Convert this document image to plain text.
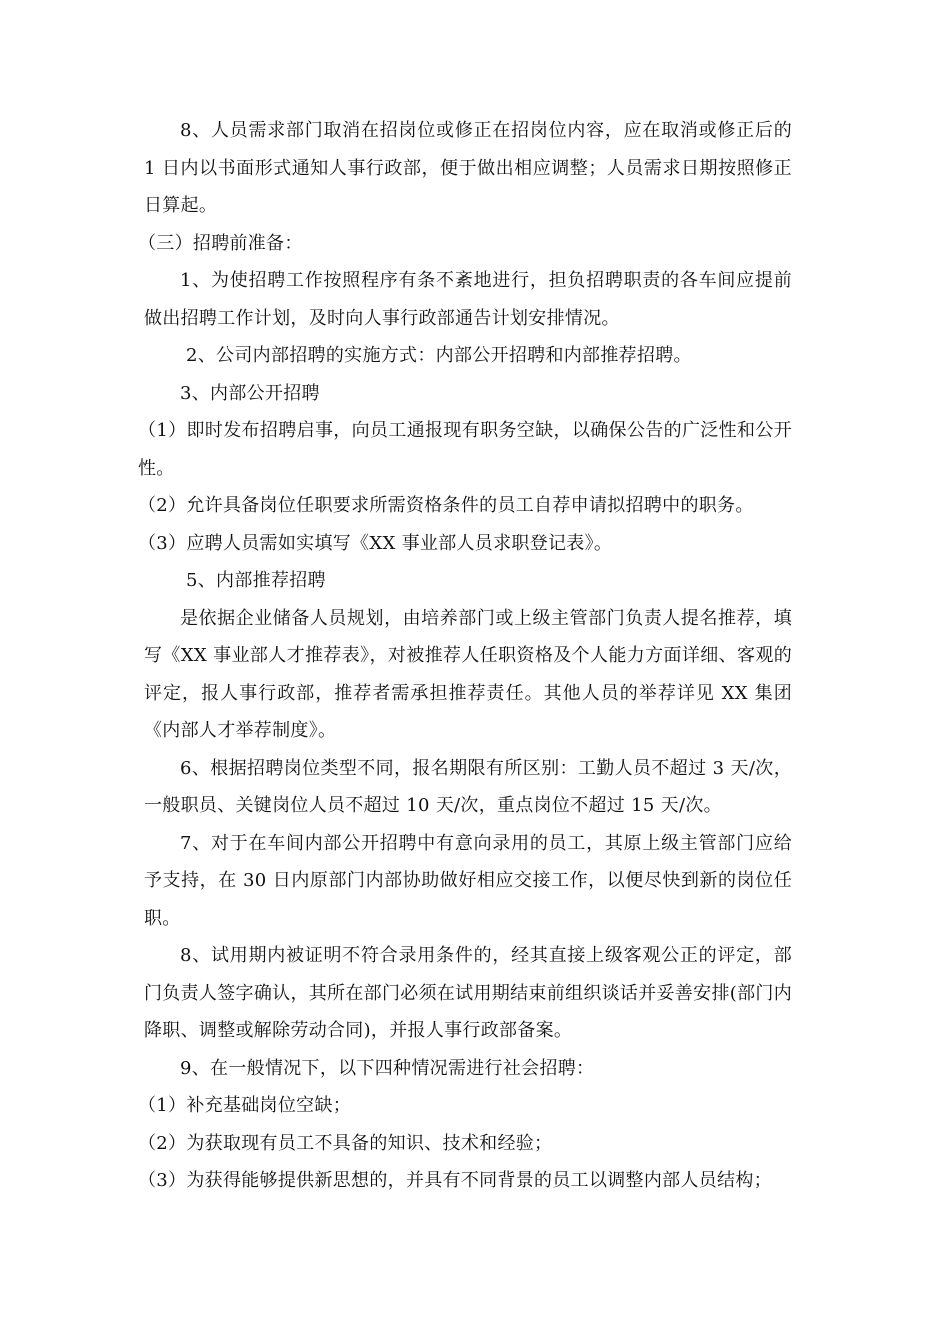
8、人员需求部门取消在招岗位或修正在招岗位内容，应在取消或修正后的 1 日内以书面形式通知人事行政部，便于做出相应调整；人员需求日期按照修正日算起。

（三）招聘前准备：

1、为使招聘工作按照程序有条不紊地进行，担负招聘职责的各车间应提前做出招聘工作计划，及时向人事行政部通告计划安排情况。

2、公司内部招聘的实施方式：内部公开招聘和内部推荐招聘。

3、内部公开招聘

（1）即时发布招聘启事，向员工通报现有职务空缺，以确保公告的广泛性和公开性。

（2）允许具备岗位任职要求所需资格条件的员工自荐申请拟招聘中的职务。

（3）应聘人员需如实填写《XX 事业部人员求职登记表》。

5、内部推荐招聘

是依据企业储备人员规划，由培养部门或上级主管部门负责人提名推荐，填写《XX 事业部人才推荐表》，对被推荐人任职资格及个人能力方面详细、客观的评定，报人事行政部，推荐者需承担推荐责任。其他人员的举荐详见 XX 集团《内部人才举荐制度》。

6、根据招聘岗位类型不同，报名期限有所区别：工勤人员不超过 3 天/次，一般职员、关键岗位人员不超过 10 天/次，重点岗位不超过 15 天/次。

7、对于在车间内部公开招聘中有意向录用的员工，其原上级主管部门应给予支持，在 30 日内原部门内部协助做好相应交接工作，以便尽快到新的岗位任职。

8、试用期内被证明不符合录用条件的，经其直接上级客观公正的评定，部门负责人签字确认，其所在部门必须在试用期结束前组织谈话并妥善安排(部门内降职、调整或解除劳动合同)，并报人事行政部备案。

9、在一般情况下，以下四种情况需进行社会招聘：

（1）补充基础岗位空缺；

（2）为获取现有员工不具备的知识、技术和经验；

（3）为获得能够提供新思想的，并具有不同背景的员工以调整内部人员结构；
